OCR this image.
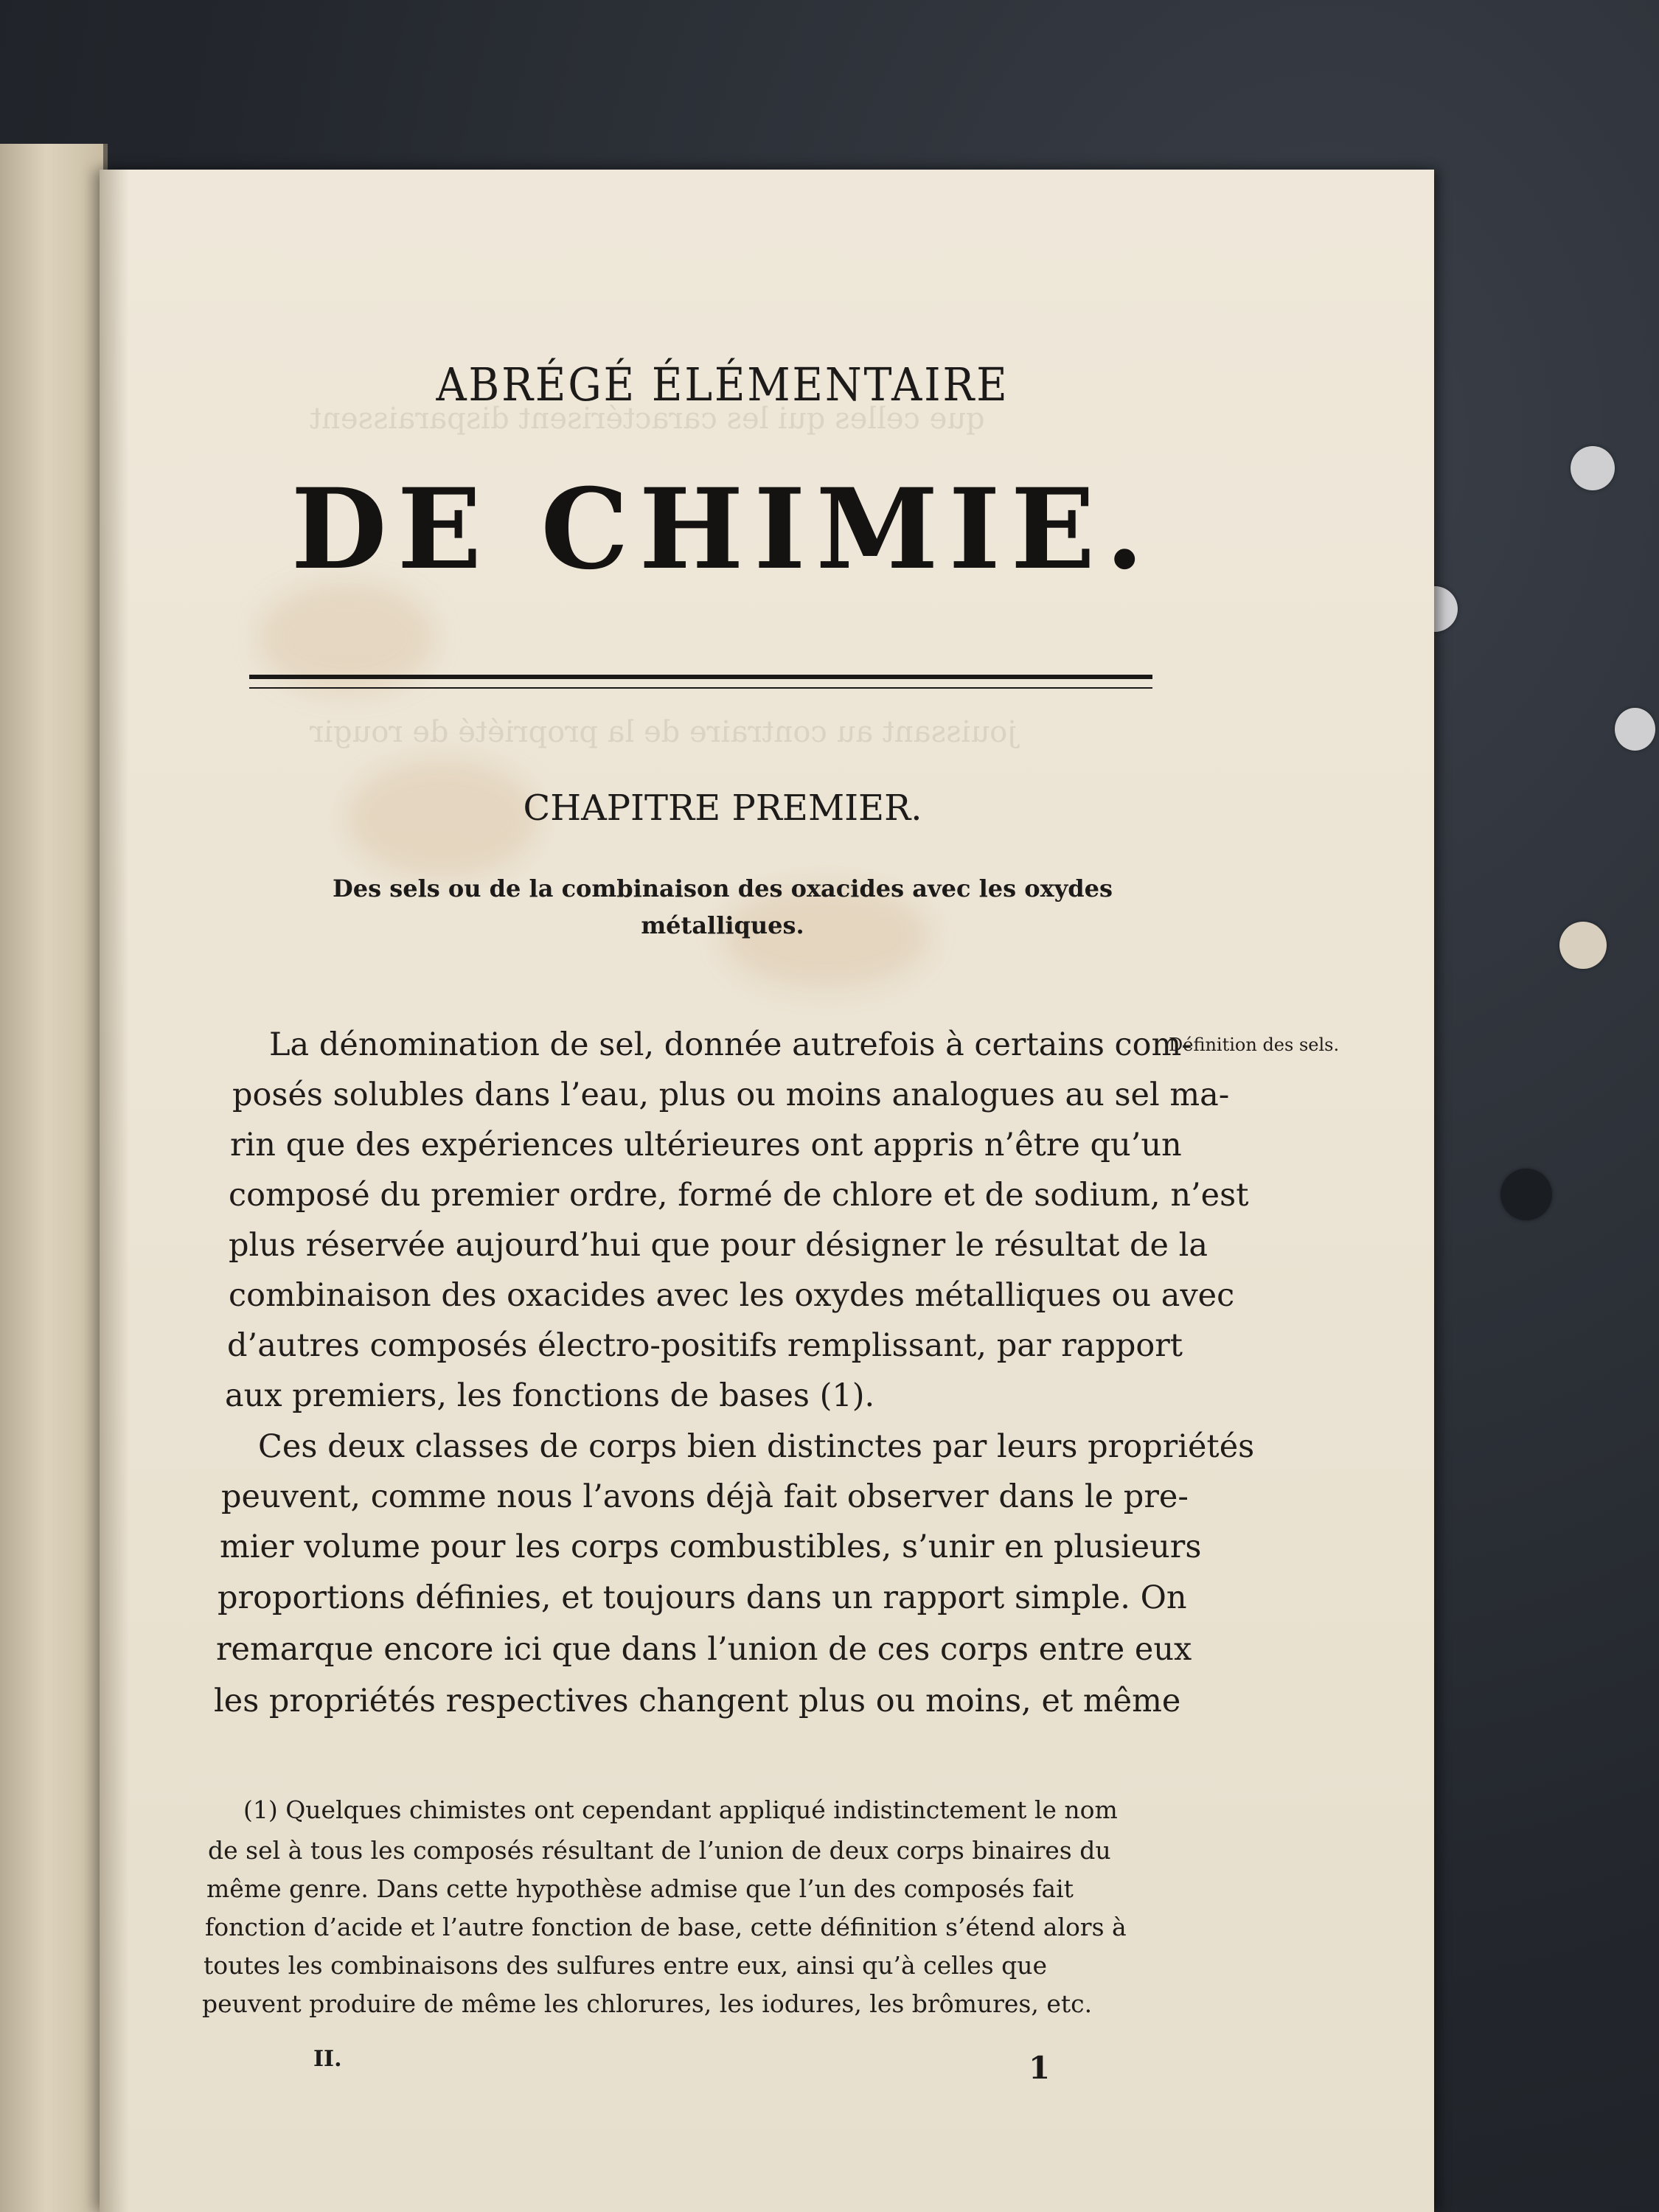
que celles qui les caractérisent disparaissent
jouissant au contraire de la propriété de rougir
ABRÉGÉ ÉLÉMENTAIRE
DE CHIMIE.
CHAPITRE PREMIER.
Des sels ou de la combinaison des oxacides avec les oxydes
métalliques.
Définition des sels.
La dénomination de sel, donnée autrefois à certains com-
posés solubles dans l’eau, plus ou moins analogues au sel ma-
rin que des expériences ultérieures ont appris n’être qu’un
composé du premier ordre, formé de chlore et de sodium, n’est
plus réservée aujourd’hui que pour désigner le résultat de la
combinaison des oxacides avec les oxydes métalliques ou avec
d’autres composés électro-positifs remplissant, par rapport
aux premiers, les fonctions de bases (1).
Ces deux classes de corps bien distinctes par leurs propriétés
peuvent, comme nous l’avons déjà fait observer dans le pre-
mier volume pour les corps combustibles, s’unir en plusieurs
proportions définies, et toujours dans un rapport simple. On
remarque encore ici que dans l’union de ces corps entre eux
les propriétés respectives changent plus ou moins, et même
(1) Quelques chimistes ont cependant appliqué indistinctement le nom
de sel à tous les composés résultant de l’union de deux corps binaires du
même genre. Dans cette hypothèse admise que l’un des composés fait
fonction d’acide et l’autre fonction de base, cette définition s’étend alors à
toutes les combinaisons des sulfures entre eux, ainsi qu’à celles que
peuvent produire de même les chlorures, les iodures, les brômures, etc.
II.	1
